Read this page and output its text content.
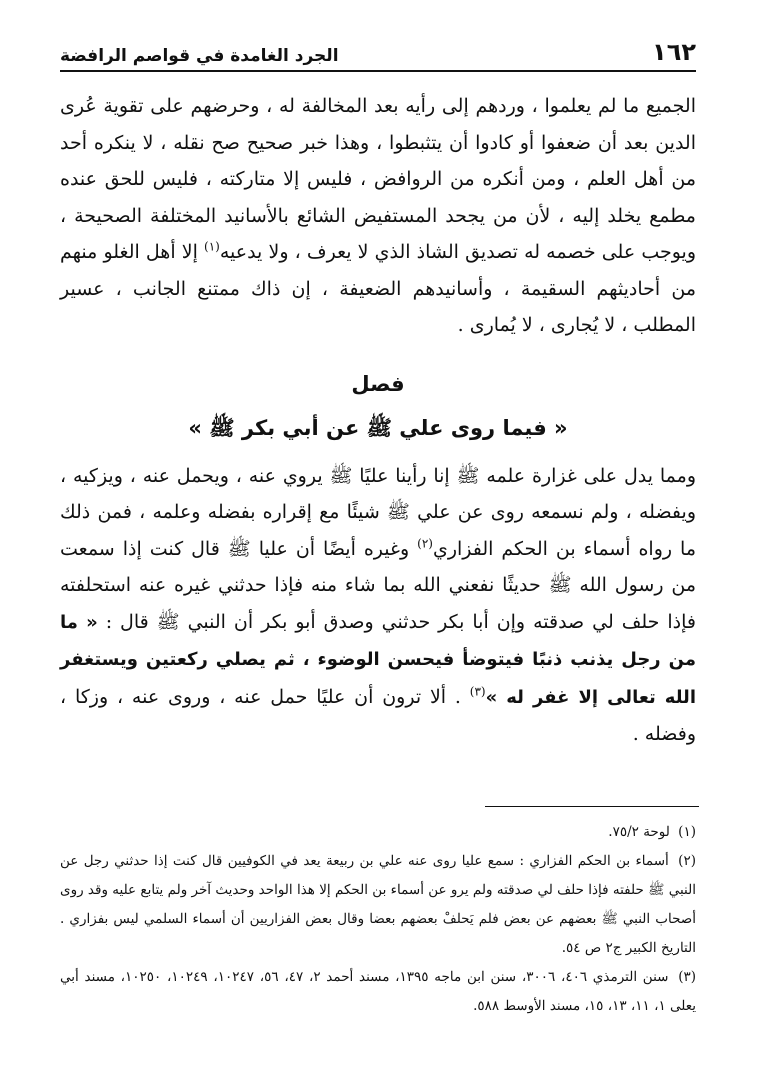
١٦٢
الجرد الغامدة في قواصم الرافضة

الجميع ما لم يعلموا ، وردهم إلى رأيه بعد المخالفة له ، وحرضهم على تقوية عُرى الدين بعد أن ضعفوا أو كادوا أن يتثبطوا ، وهذا خبر صحيح صح نقله ، لا ينكره أحد من أهل العلم ، ومن أنكره من الروافض ، فليس إلا متاركته ، فليس للحق عنده مطمع يخلد إليه ، لأن من يجحد المستفيض الشائع بالأسانيد المختلفة الصحيحة ، ويوجب على خصمه له تصديق الشاذ الذي لا يعرف ، ولا يدعيه$^{(١)}$ إلا أهل الغلو منهم من أحاديثهم السقيمة ، وأسانيدهم الضعيفة ، إن ذاك ممتنع الجانب ، عسير المطلب ، لا يُجارى ، لا يُمارى .

فصل
« فيما روى علي ﷺ عن أبي بكر ﷺ »

ومما يدل على غزارة علمه ﷺ إنا رأينا عليًا ﷺ يروي عنه ، ويحمل عنه ، ويزكيه ، ويفضله ، ولم نسمعه روى عن علي ﷺ شيئًا مع إقراره بفضله وعلمه ، فمن ذلك ما رواه أسماء بن الحكم الفزاري$^{(٢)}$ وغيره أيضًا أن عليا ﷺ قال كنت إذا سمعت من رسول الله ﷺ حديثًا نفعني الله بما شاء منه فإذا حدثني غيره عنه استحلفته فإذا حلف لي صدقته وإن أبا بكر حدثني وصدق أبو بكر أن النبي ﷺ قال : « ما من رجل يذنب ذنبًا فيتوضأ فيحسن الوضوء ، ثم يصلي ركعتين ويستغفر الله تعالى إلا غفر له »$^{(٣)}$ . ألا ترون أن عليًا حمل عنه ، وروى عنه ، وزكا ، وفضله .

(١) لوحة ٧٥/٢.

(٢) أسماء بن الحكم الفزاري : سمع عليا روى عنه علي بن ربيعة يعد في الكوفيين قال كنت إذا حدثني رجل عن النبي ﷺ حلفته فإذا حلف لي صدقته ولم يرو عن أسماء بن الحكم إلا هذا الواحد وحديث آخر ولم يتابع عليه وقد روى أصحاب النبي ﷺ بعضهم عن بعض فلم يَحلفْ بعضهم بعضا وقال بعض الفزاريين أن أسماء السلمي ليس بفزاري . التاريخ الكبير ج٢ ص ٥٤.

(٣) سنن الترمذي ٤٠٦، ٣٠٠٦، سنن ابن ماجه ١٣٩٥، مسند أحمد ٢، ٤٧، ٥٦، ١٠٢٤٧، ١٠٢٤٩، ١٠٢٥٠، مسند أبي يعلى ١، ١١، ١٣، ١٥، مسند الأوسط ٥٨٨.
